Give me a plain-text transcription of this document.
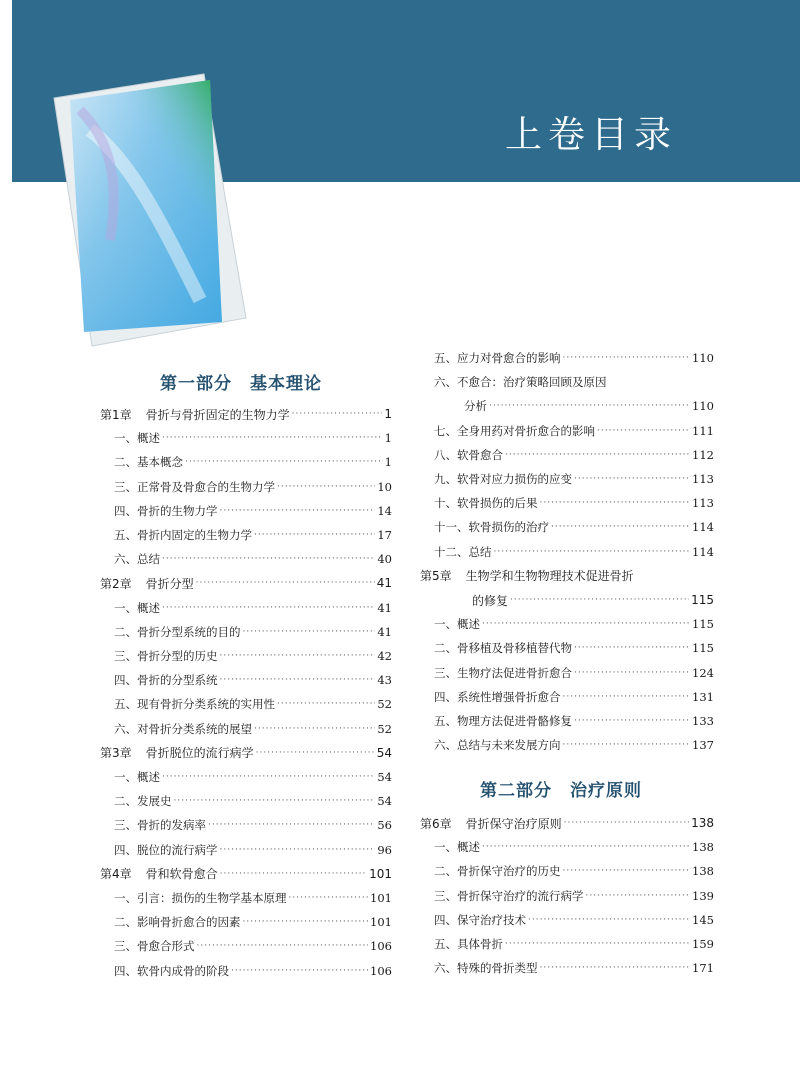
上卷目录
第一部分　基本理论
第1章 骨折与骨折固定的生物力学 ·····	1
一、概述 ·····	1
二、基本概念 ·····	1
三、正常骨及骨愈合的生物力学 ·····	10
四、骨折的生物力学 ·····	14
五、骨折内固定的生物力学 ·····	17
六、总结 ·····	40
第2章 骨折分型 ·····	41
一、概述 ·····	41
二、骨折分型系统的目的 ·····	41
三、骨折分型的历史 ·····	42
四、骨折的分型系统 ·····	43
五、现有骨折分类系统的实用性 ·····	52
六、对骨折分类系统的展望 ·····	52
第3章 骨折脱位的流行病学 ·····	54
一、概述 ·····	54
二、发展史 ·····	54
三、骨折的发病率 ·····	56
四、脱位的流行病学 ·····	96
第4章 骨和软骨愈合 ·····	101
一、引言：损伤的生物学基本原理 ·····	101
二、影响骨折愈合的因素 ·····	101
三、骨愈合形式 ·····	106
四、软骨内成骨的阶段 ·····	106
五、应力对骨愈合的影响 ·····	110
六、不愈合：治疗策略回顾及原因
分析 ·····	110
七、全身用药对骨折愈合的影响 ·····	111
八、软骨愈合 ·····	112
九、软骨对应力损伤的应变 ·····	113
十、软骨损伤的后果 ·····	113
十一、软骨损伤的治疗 ·····	114
十二、总结 ·····	114
第5章 生物学和生物物理技术促进骨折
的修复 ·····	115
一、概述 ·····	115
二、骨移植及骨移植替代物 ·····	115
三、生物疗法促进骨折愈合 ·····	124
四、系统性增强骨折愈合 ·····	131
五、物理方法促进骨骼修复 ·····	133
六、总结与未来发展方向 ·····	137
第二部分　治疗原则
第6章 骨折保守治疗原则 ·····	138
一、概述 ·····	138
二、骨折保守治疗的历史 ·····	138
三、骨折保守治疗的流行病学 ·····	139
四、保守治疗技术 ·····	145
五、具体骨折 ·····	159
六、特殊的骨折类型 ·····	171
